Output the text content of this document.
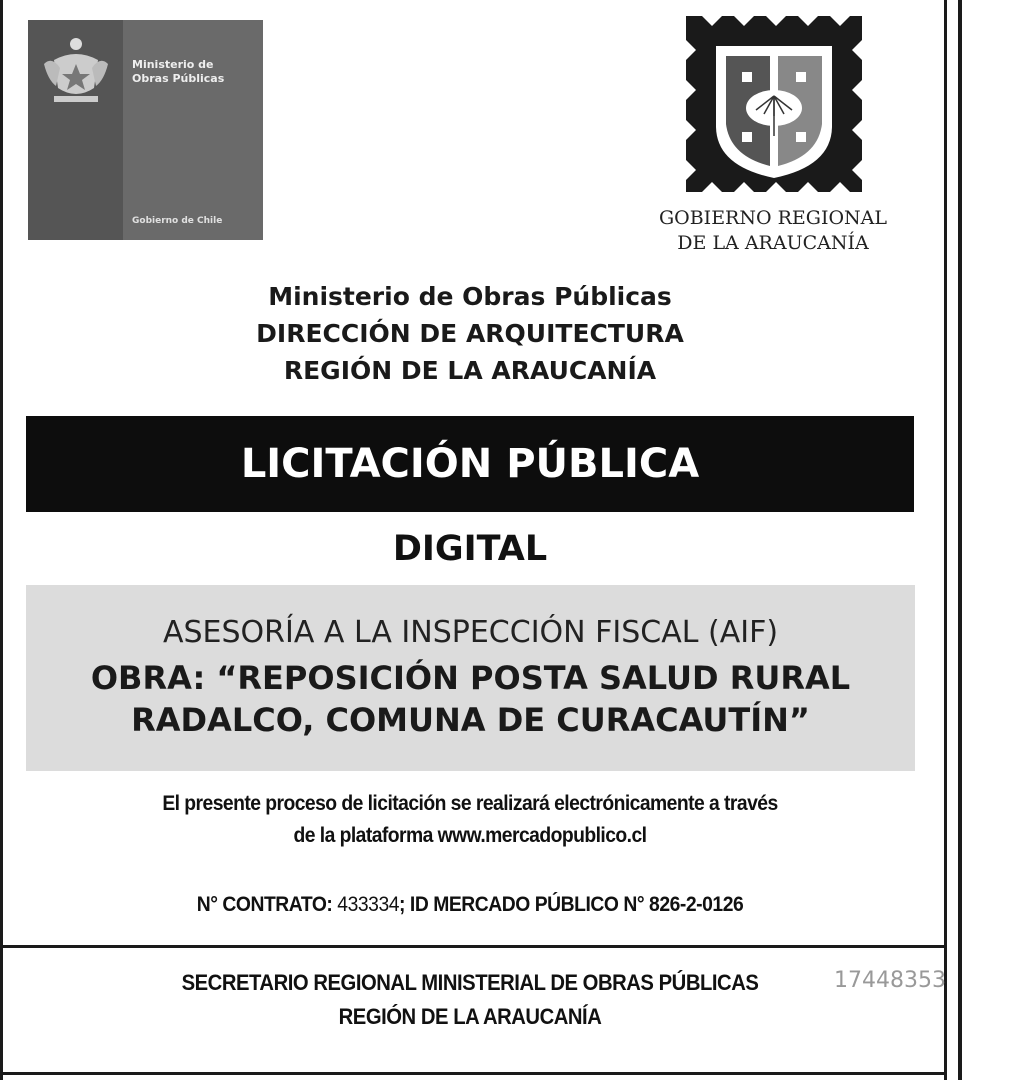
Ministerio de
Obras Públicas
Gobierno de Chile	GOBIERNO REGIONAL
DE LA ARAUCANÍA
Ministerio de Obras Públicas
DIRECCIÓN DE ARQUITECTURA
REGIÓN DE LA ARAUCANÍA
LICITACIÓN PÚBLICA
DIGITAL
ASESORÍA A LA INSPECCIÓN FISCAL (AIF)
OBRA: “REPOSICIÓN POSTA SALUD RURAL
RADALCO, COMUNA DE CURACAUTÍN”
El presente proceso de licitación se realizará electrónicamente a través
de la plataforma www.mercadopublico.cl
N° CONTRATO: 433334; ID MERCADO PÚBLICO N° 826-2-0126
SECRETARIO REGIONAL MINISTERIAL DE OBRAS PÚBLICAS
REGIÓN DE LA ARAUCANÍA
17448353
